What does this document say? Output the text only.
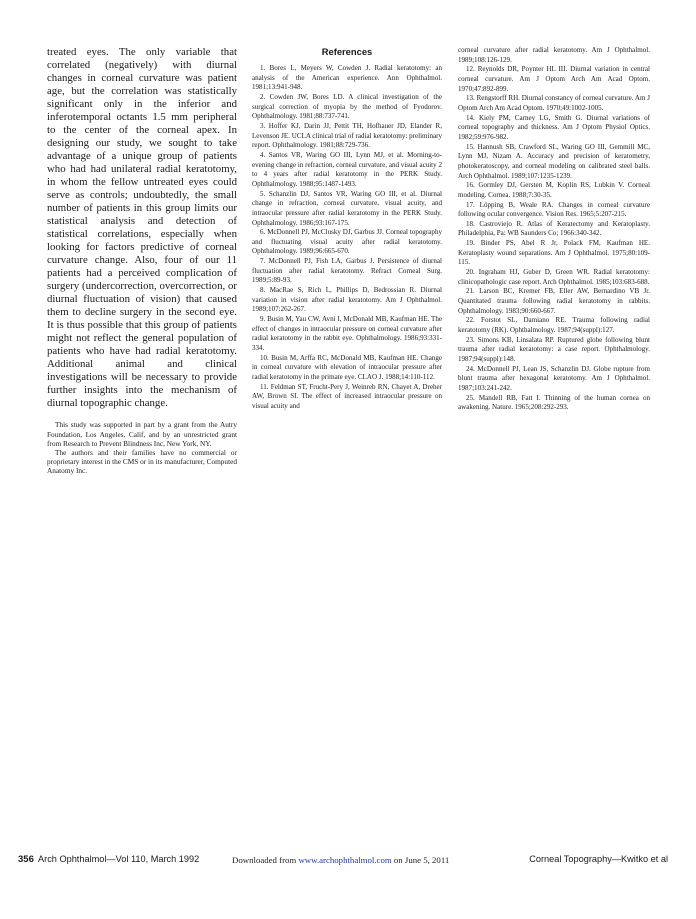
treated eyes. The only variable that correlated (negatively) with diurnal changes in corneal curvature was patient age, but the correlation was statistically significant only in the inferior and inferotemporal octants 1.5 mm peripheral to the center of the corneal apex. In designing our study, we sought to take advantage of a unique group of patients who had had unilateral radial keratotomy, in whom the fellow untreated eyes could serve as controls; undoubtedly, the small number of patients in this group limits our statistical analysis and detection of statistical correlations, especially when looking for factors predictive of corneal curvature change. Also, four of our 11 patients had a perceived complication of surgery (undercorrection, overcorrection, or diurnal fluctuation of vision) that caused them to decline surgery in the second eye. It is thus possible that this group of patients might not reflect the general population of patients who have had radial keratotomy. Additional animal and clinical investigations will be necessary to provide further insights into the mechanism of diurnal topographic change.

This study was supported in part by a grant from the Autry Foundation, Los Angeles, Calif, and by an unrestricted grant from Research to Prevent Blindness Inc, New York, NY.

The authors and their families have no commercial or proprietary interest in the CMS or in its manufacturer, Computed Anatomy Inc.

References

1. Bores L, Meyers W, Cowden J. Radial keratotomy: an analysis of the American experience. Ann Ophthalmol. 1981;13:941-948.

2. Cowden JW, Bores LD. A clinical investigation of the surgical correction of myopia by the method of Fyodorov. Ophthalmology. 1981;88:737-741.

3. Hoffer KJ, Darin JJ, Pettit TH, Hofhauer JD, Elander R, Levenson JE. UCLA clinical trial of radial keratotomy: preliminary report. Ophthalmology. 1981;88:729-736.

4. Santos VR, Waring GO III, Lynn MJ, et al. Morning-to-evening change in refraction, corneal curvature, and visual acuity 2 to 4 years after radial keratotomy in the PERK Study. Ophthalmology. 1988;95:1487-1493.

5. Schanzlin DJ, Santos VR, Waring GO III, et al. Diurnal change in refraction, corneal curvature, visual acuity, and intraocular pressure after radial keratotomy in the PERK Study. Ophthalmology. 1986;93:167-175.

6. McDonnell PJ, McClusky DJ, Garbus JJ. Corneal topography and fluctuating visual acuity after radial keratotomy. Ophthalmology. 1989;96:665-670.

7. McDonnell PJ, Fish LA, Garbus J. Persistence of diurnal fluctuation after radial keratotomy. Refract Corneal Surg. 1989;5:89-93.

8. MacRae S, Rich L, Phillips D, Bedrossian R. Diurnal variation in vision after radial keratotomy. Am J Ophthalmol. 1989;107:262-267.

9. Busin M, Yau CW, Avni I, McDonald MB, Kaufman HE. The effect of changes in intraocular pressure on corneal curvature after radial keratotomy in the rabbit eye. Ophthalmology. 1986;93:331-334.

10. Busin M, Arffa RC, McDonald MB, Kaufman HE. Change in corneal curvature with elevation of intraocular pressure after radial keratotomy in the primate eye. CLAO J. 1988;14:110-112.

11. Feldman ST, Frucht-Pery J, Weinreb RN, Chayet A, Dreher AW, Brown SI. The effect of increased intraocular pressure on visual acuity and

corneal curvature after radial keratotomy. Am J Ophthalmol. 1989;108:126-129.

12. Reynolds DR, Poynter HL III. Diurnal variation in central corneal curvature. Am J Optom Arch Am Acad Optom. 1970;47:892-899.

13. Rengstorff RH. Diurnal constancy of corneal curvature. Am J Optom Arch Am Acad Optom. 1970;49:1002-1005.

14. Kiely PM, Carney LG, Smith G. Diurnal variations of corneal topography and thickness. Am J Optom Physiol Optics. 1982;59:976-982.

15. Hannush SB, Crawford SL, Waring GO III, Gemmill MC, Lynn MJ, Nizam A. Accuracy and precision of keratometry, photokeratoscopy, and corneal modeling on calibrated steel balls. Arch Ophthalmol. 1989;107:1235-1239.

16. Gormley DJ, Gersten M, Koplin RS, Lubkin V. Corneal modeling. Cornea. 1988;7:30-35.

17. Löpping B, Weale RA. Changes in corneal curvature following ocular convergence. Vision Res. 1965;5:207-215.

18. Castroviejo R. Atlas of Keratectomy and Keratoplasty. Philadelphia, Pa: WB Saunders Co; 1966:340-342.

19. Binder PS, Abel R Jr, Polack FM, Kaufman HE. Keratoplasty wound separations. Am J Ophthalmol. 1975;80:109-115.

20. Ingraham HJ, Guber D, Green WR. Radial keratotomy: clinicopathologic case report. Arch Ophthalmol. 1985;103:683-688.

21. Larson BC, Kremer FB, Eller AW, Bernardino VB Jr. Quantitated trauma following radial keratotomy in rabbits. Ophthalmology. 1983;90:660-667.

22. Forstot SL, Damiano RE. Trauma following radial keratotomy (RK). Ophthalmology. 1987;94(suppl):127.

23. Simons KB, Linsalata RP. Ruptured globe following blunt trauma after radial keratotomy: a case report. Ophthalmology. 1987;94(suppl):148.

24. McDonnell PJ, Lean JS, Schanzlin DJ. Globe rupture from blunt trauma after hexagonal keratotomy. Am J Ophthalmol. 1987;103:241-242.

25. Mandell RB, Fatt I. Thinning of the human cornea on awakening. Nature. 1965;208:292-293.

356 Arch Ophthalmol—Vol 110, March 1992	Downloaded from www.archophthalmol.com on June 5, 2011	Corneal Topography—Kwitko et al
